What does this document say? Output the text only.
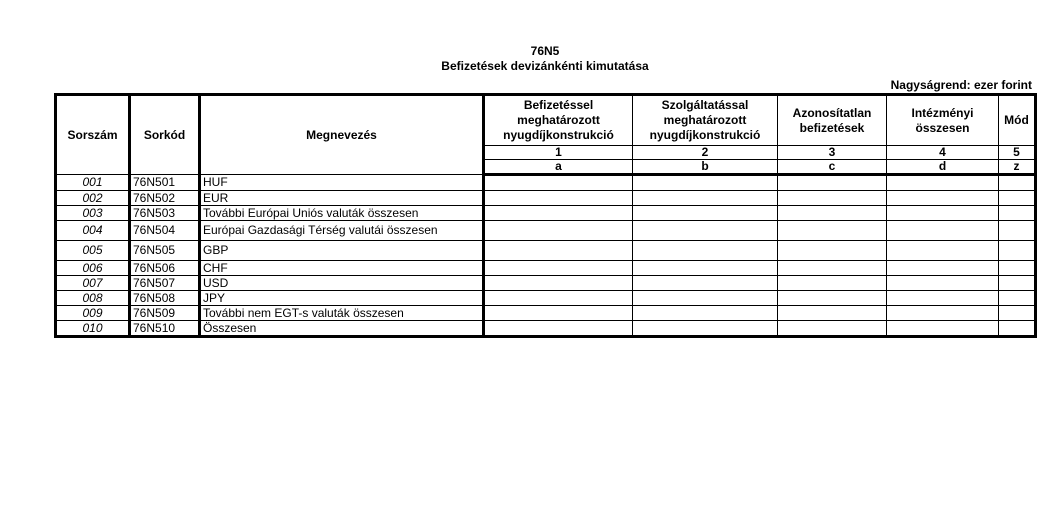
76N5
Befizetések devizánkénti kimutatása
Nagyságrend: ezer forint
Sorszám	Sorkód	Megnevezés	Befizetéssel meghatározott nyugdíjkonstrukció	Szolgáltatással meghatározott nyugdíjkonstrukció	Azonosítatlan befizetések	Intézményi összesen	Mód
			1	2	3	4	5
			a	b	c	d	z
001	76N501	HUF					
002	76N502	EUR					
003	76N503	További Európai Uniós valuták összesen					
004	76N504	Európai Gazdasági Térség valutái összesen					
005	76N505	GBP					
006	76N506	CHF					
007	76N507	USD					
008	76N508	JPY					
009	76N509	További nem EGT-s valuták összesen					
010	76N510	Összesen					
